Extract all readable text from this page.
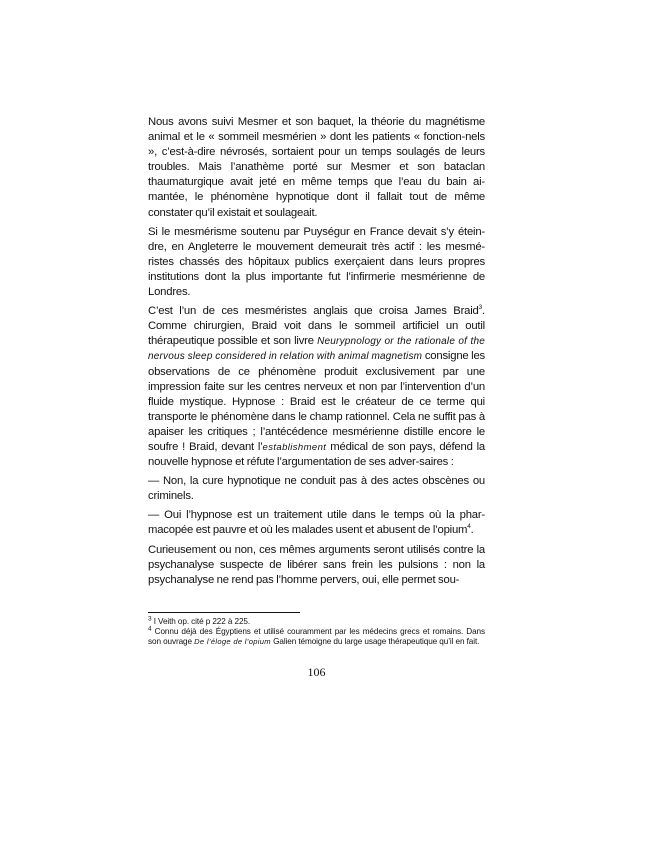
Nous avons suivi Mesmer et son baquet, la théorie du magnétisme animal et le « sommeil mesmérien » dont les patients « fonction-nels », c’est-à-dire névrosés, sortaient pour un temps soulagés de leurs troubles. Mais l’anathème porté sur Mesmer et son bataclan thaumaturgique avait jeté en même temps que l’eau du bain ai-mantée, le phénomène hypnotique dont il fallait tout de même constater qu’il existait et soulageait.

Si le mesmérisme soutenu par Puységur en France devait s’y étein-dre, en Angleterre le mouvement demeurait très actif : les mesmé-ristes chassés des hôpitaux publics exerçaient dans leurs propres institutions dont la plus importante fut l’infirmerie mesmérienne de Londres.

C’est l’un de ces mesméristes anglais que croisa James Braid$^3$. Comme chirurgien, Braid voit dans le sommeil artificiel un outil thérapeutique possible et son livre Neurypnology or the rationale of the nervous sleep considered in relation with animal magnetism consigne les observations de ce phénomène produit exclusivement par une impression faite sur les centres nerveux et non par l’intervention d’un fluide mystique. Hypnose : Braid est le créateur de ce terme qui transporte le phénomène dans le champ rationnel. Cela ne suffit pas à apaiser les critiques ; l’antécédence mesmérienne distille encore le soufre ! Braid, devant l’establishment médical de son pays, défend la nouvelle hypnose et réfute l’argumentation de ses adver-saires :

— Non, la cure hypnotique ne conduit pas à des actes obscènes ou criminels.

— Oui l’hypnose est un traitement utile dans le temps où la phar-macopée est pauvre et où les malades usent et abusent de l’opium$^4$.

Curieusement ou non, ces mêmes arguments seront utilisés contre la psychanalyse suspecte de libérer sans frein les pulsions : non la psychanalyse ne rend pas l’homme pervers, oui, elle permet sou-

$^3$ I Veith op. cité p 222 à 225.

$^4$ Connu déjà des Égyptiens et utilisé couramment par les médecins grecs et romains. Dans son ouvrage De l’éloge de l’opium Galien témoigne du large usage thérapeutique qu’il en fait.

106
